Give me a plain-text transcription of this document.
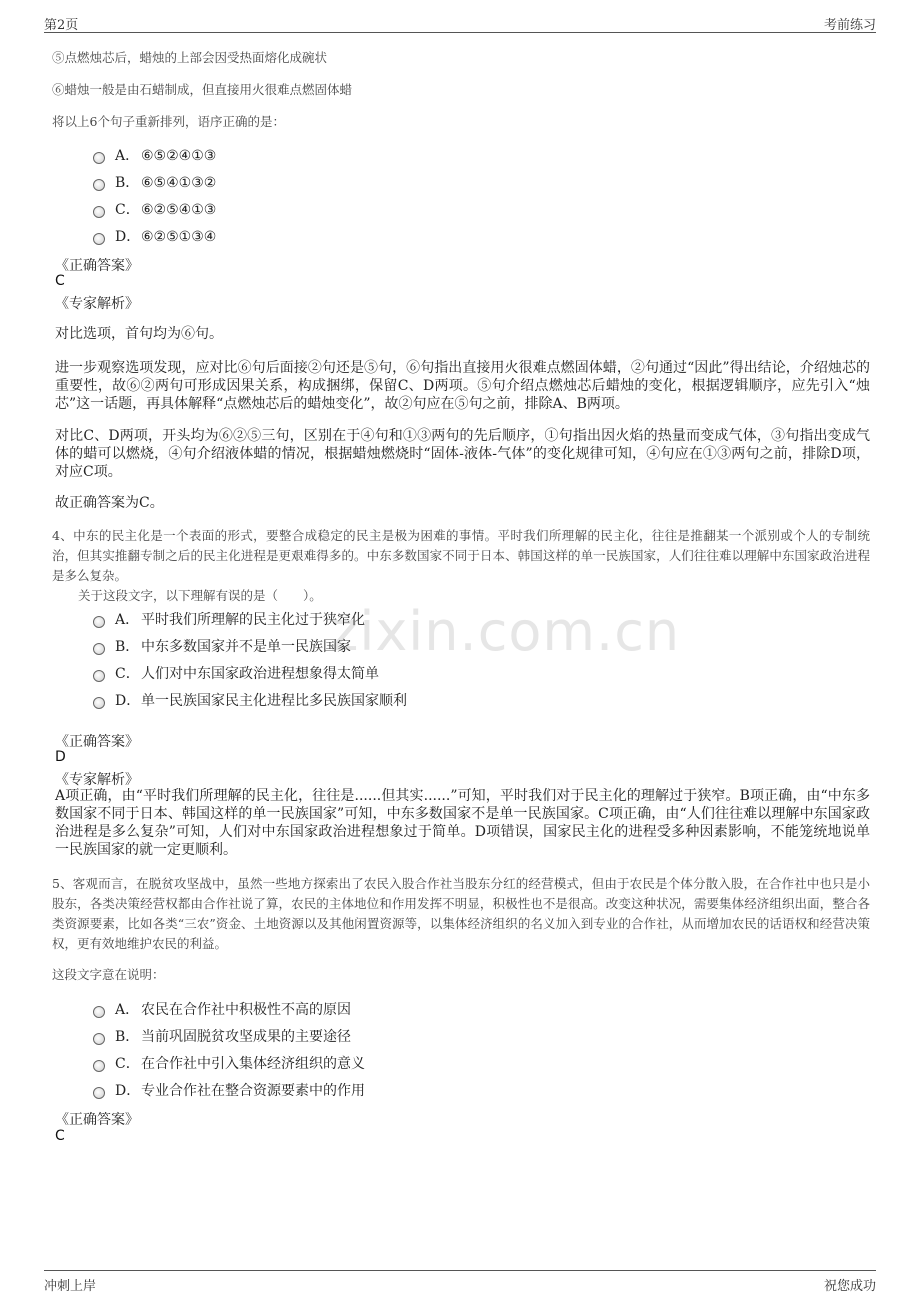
第2页	考前练习
zixin.com.cn
⑤点燃烛芯后，蜡烛的上部会因受热面熔化成碗状
⑥蜡烛一般是由石蜡制成，但直接用火很难点燃固体蜡
将以上6个句子重新排列，语序正确的是：
A． ⑥⑤②④①③
B． ⑥⑤④①③②
C．⑥②⑤④①③
D．⑥②⑤①③④
《正确答案》
C
《专家解析》
对比选项，首句均为⑥句。
进一步观察选项发现，应对比⑥句后面接②句还是⑤句，⑥句指出直接用火很难点燃固体蜡，②句通过“因此”得出结论，介绍烛芯的重要性，故⑥②两句可形成因果关系，构成捆绑，保留C、D两项。⑤句介绍点燃烛芯后蜡烛的变化，根据逻辑顺序，应先引入“烛芯”这一话题，再具体解释“点燃烛芯后的蜡烛变化”，故②句应在⑤句之前，排除A、B两项。
对比C、D两项，开头均为⑥②⑤三句，区别在于④句和①③两句的先后顺序，①句指出因火焰的热量而变成气体，③句指出变成气体的蜡可以燃烧，④句介绍液体蜡的情况，根据蜡烛燃烧时“固体-液体-气体”的变化规律可知，④句应在①③两句之前，排除D项，对应C项。
故正确答案为C。
4、中东的民主化是一个表面的形式，要整合成稳定的民主是极为困难的事情。平时我们所理解的民主化，往往是推翻某一个派别或个人的专制统治，但其实推翻专制之后的民主化进程是更艰难得多的。中东多数国家不同于日本、韩国这样的单一民族国家，人们往往难以理解中东国家政治进程是多么复杂。
关于这段文字，以下理解有误的是（　　）。
A． 平时我们所理解的民主化过于狭窄化
B． 中东多数国家并不是单一民族国家
C．人们对中东国家政治进程想象得太简单
D．单一民族国家民主化进程比多民族国家顺利
《正确答案》
D
《专家解析》
A项正确，由“平时我们所理解的民主化，往往是......但其实......”可知，平时我们对于民主化的理解过于狭窄。B项正确，由“中东多数国家不同于日本、韩国这样的单一民族国家”可知，中东多数国家不是单一民族国家。C项正确，由“人们往往难以理解中东国家政治进程是多么复杂”可知，人们对中东国家政治进程想象过于简单。D项错误，国家民主化的进程受多种因素影响，不能笼统地说单一民族国家的就一定更顺利。
5、客观而言，在脱贫攻坚战中，虽然一些地方探索出了农民入股合作社当股东分红的经营模式，但由于农民是个体分散入股，在合作社中也只是小股东，各类决策经营权都由合作社说了算，农民的主体地位和作用发挥不明显，积极性也不是很高。改变这种状况，需要集体经济组织出面，整合各类资源要素，比如各类“三农”资金、土地资源以及其他闲置资源等，以集体经济组织的名义加入到专业的合作社，从而增加农民的话语权和经营决策权，更有效地维护农民的利益。
这段文字意在说明：
A． 农民在合作社中积极性不高的原因
B． 当前巩固脱贫攻坚成果的主要途径
C．在合作社中引入集体经济组织的意义
D．专业合作社在整合资源要素中的作用
《正确答案》
C
冲刺上岸	祝您成功
